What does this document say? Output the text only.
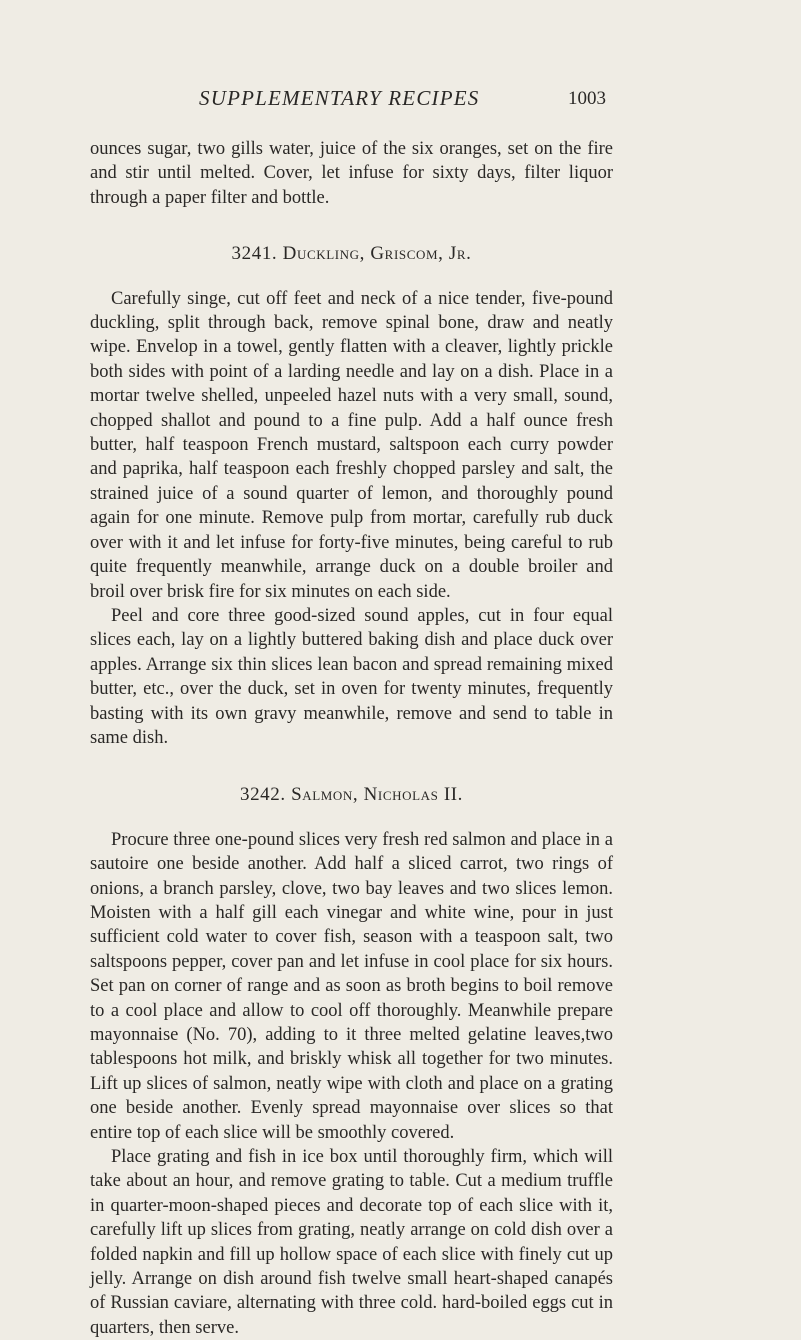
SUPPLEMENTARY RECIPES	1003

ounces sugar, two gills water, juice of the six oranges, set on the fire and stir until melted. Cover, let infuse for sixty days, filter liquor through a paper filter and bottle.

3241. Duckling, Griscom, Jr.

Carefully singe, cut off feet and neck of a nice tender, five-pound duckling, split through back, remove spinal bone, draw and neatly wipe. Envelop in a towel, gently flatten with a cleaver, lightly prickle both sides with point of a larding needle and lay on a dish. Place in a mortar twelve shelled, unpeeled hazel nuts with a very small, sound, chopped shallot and pound to a fine pulp. Add a half ounce fresh butter, half teaspoon French mustard, saltspoon each curry powder and paprika, half teaspoon each freshly chopped parsley and salt, the strained juice of a sound quarter of lemon, and thoroughly pound again for one minute. Remove pulp from mortar, carefully rub duck over with it and let infuse for forty-five minutes, being careful to rub quite frequently meanwhile, arrange duck on a double broiler and broil over brisk fire for six minutes on each side.

Peel and core three good-sized sound apples, cut in four equal slices each, lay on a lightly buttered baking dish and place duck over apples. Arrange six thin slices lean bacon and spread remaining mixed butter, etc., over the duck, set in oven for twenty minutes, frequently basting with its own gravy meanwhile, remove and send to table in same dish.

3242. Salmon, Nicholas II.

Procure three one-pound slices very fresh red salmon and place in a sautoire one beside another. Add half a sliced carrot, two rings of onions, a branch parsley, clove, two bay leaves and two slices lemon. Moisten with a half gill each vinegar and white wine, pour in just sufficient cold water to cover fish, season with a teaspoon salt, two saltspoons pepper, cover pan and let infuse in cool place for six hours. Set pan on corner of range and as soon as broth begins to boil remove to a cool place and allow to cool off thoroughly. Meanwhile prepare mayonnaise (No. 70), adding to it three melted gelatine leaves,two tablespoons hot milk, and briskly whisk all together for two minutes. Lift up slices of salmon, neatly wipe with cloth and place on a grating one beside another. Evenly spread mayonnaise over slices so that entire top of each slice will be smoothly covered.

Place grating and fish in ice box until thoroughly firm, which will take about an hour, and remove grating to table. Cut a medium truffle in quarter-moon-shaped pieces and decorate top of each slice with it, carefully lift up slices from grating, neatly arrange on cold dish over a folded napkin and fill up hollow space of each slice with finely cut up jelly. Arrange on dish around fish twelve small heart-shaped canapés of Russian caviare, alternating with three cold. hard-boiled eggs cut in quarters, then serve.
